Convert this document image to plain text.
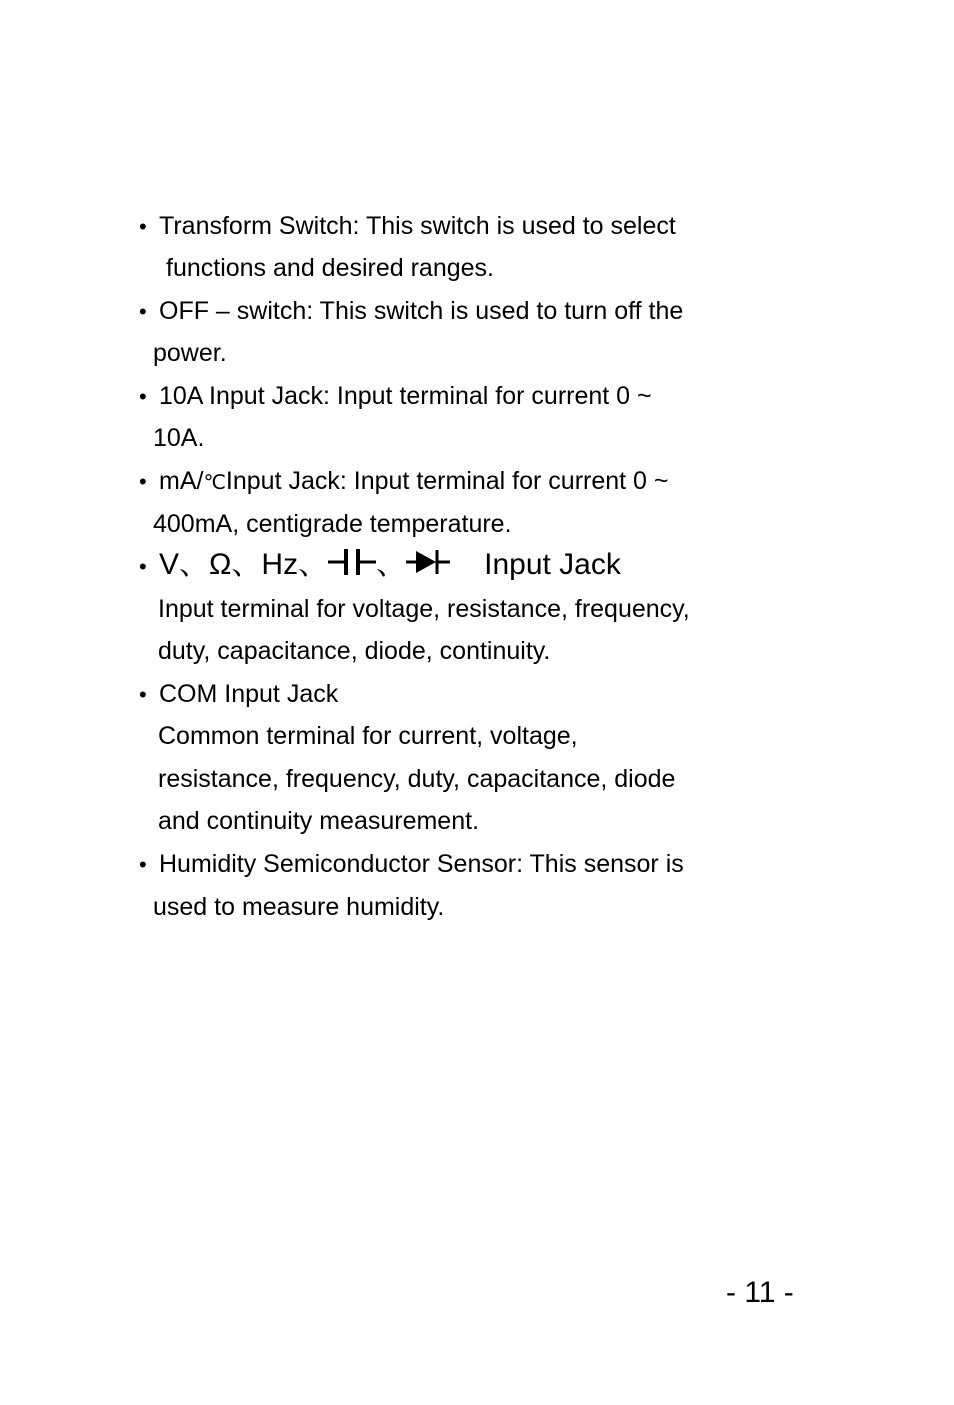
• Transform Switch: This switch is used to select
functions and desired ranges.
• OFF – switch: This switch is used to turn off the
power.
• 10A Input Jack: Input terminal for current 0 ~
10A.
• mA/℃Input Jack: Input terminal for current 0 ~
400mA, centigrade temperature.
• V、Ω、Hz、 、	Input Jack
Input terminal for voltage, resistance, frequency,
duty, capacitance, diode, continuity.
• COM Input Jack
Common terminal for current, voltage,
resistance, frequency, duty, capacitance, diode
and continuity measurement.
• Humidity Semiconductor Sensor: This sensor is
used to measure humidity.
- 11 -
